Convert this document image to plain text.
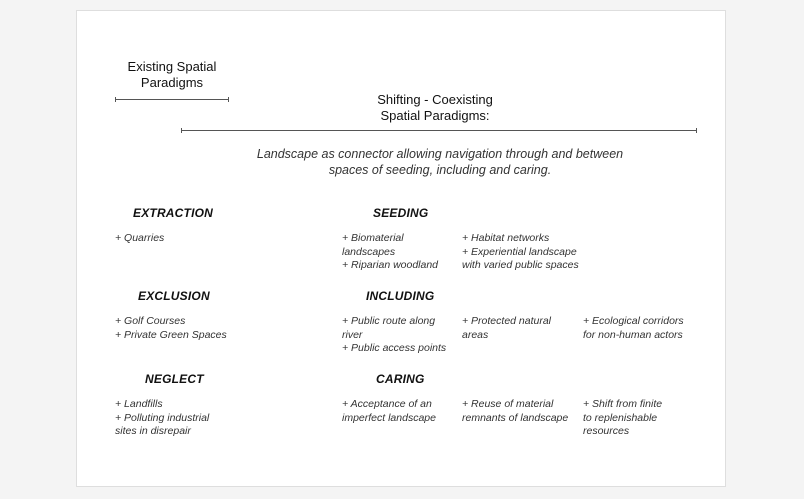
Existing Spatial
Paradigms
Shifting - Coexisting
Spatial Paradigms:
Landscape as connector allowing navigation through and between
spaces of seeding, including and caring.
EXTRACTION
+ Quarries
SEEDING
+ Biomaterial
landscapes
+ Riparian woodland
+ Habitat networks
+ Experiential landscape
with varied public spaces
EXCLUSION
+ Golf Courses
+ Private Green Spaces
INCLUDING
+ Public route along
river
+ Public access points
+ Protected natural
areas
+ Ecological corridors
for non-human actors
NEGLECT
+ Landfills
+ Polluting industrial
sites in disrepair
CARING
+ Acceptance of an
imperfect landscape
+ Reuse of material
remnants of landscape
+ Shift from finite
to replenishable
resources
